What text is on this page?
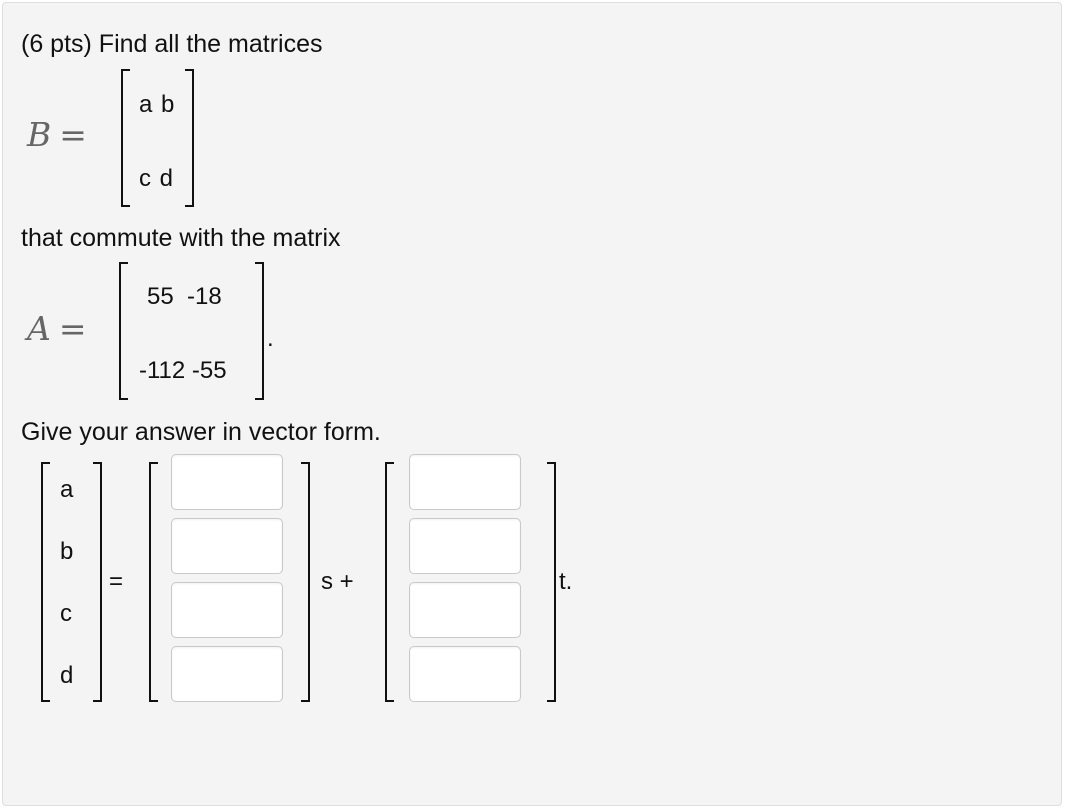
(6 pts) Find all the matrices
B =
a b
c d
that commute with the matrix
A =
55  -18
-112 -55
.
Give your answer in vector form.
a
b
c
d
=	s +	t.
